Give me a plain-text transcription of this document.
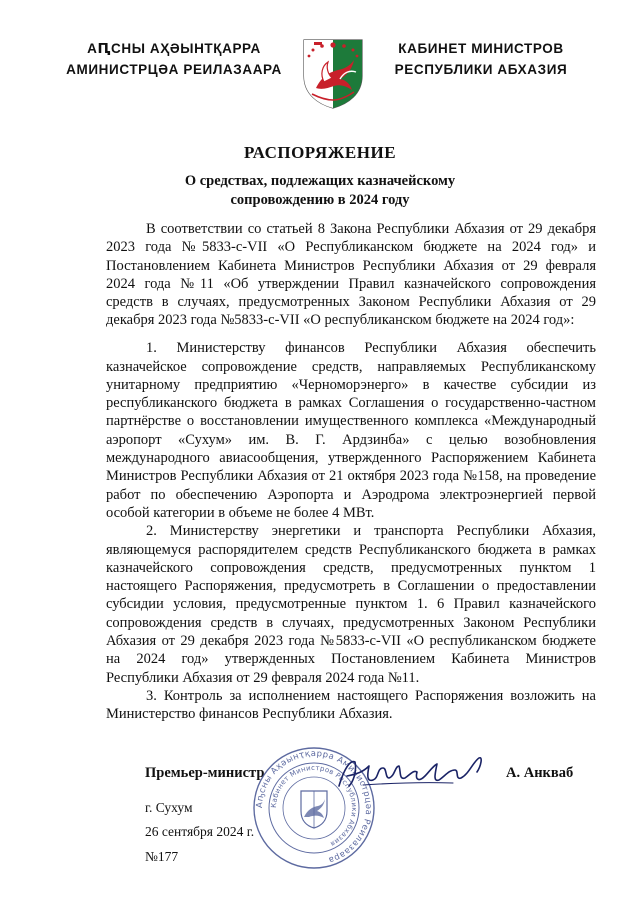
АԤСНЫ АҲӘЫНТҚАРРА
АМИНИСТРЦӘА РЕИЛАЗААРА
КАБИНЕТ МИНИСТРОВ
РЕСПУБЛИКИ АБХАЗИЯ
РАСПОРЯЖЕНИЕ
О средствах, подлежащих казначейскому
сопровождению в 2024 году

В соответствии со статьей 8 Закона Республики Абхазия от 29 декабря 2023 года №5833-с-VII «О Республиканском бюджете на 2024 год» и Постановлением Кабинета Министров Республики Абхазия от 29 февраля 2024 года №11 «Об утверждении Правил казначейского сопровождения средств в случаях, предусмотренных Законом Республики Абхазия от 29 декабря 2023 года №5833-с-VII «О республиканском бюджете на 2024 год»:

1. Министерству финансов Республики Абхазия обеспечить казначейское сопровождение средств, направляемых Республиканскому унитарному предприятию «Черноморэнерго» в качестве субсидии из республиканского бюджета в рамках Соглашения о государственно-частном партнёрстве о восстановлении имущественного комплекса «Международный аэропорт «Сухум» им. В. Г. Ардзинба» с целью возобновления международного авиасообщения, утвержденного Распоряжением Кабинета Министров Республики Абхазия от 21 октября 2023 года №158, на проведение работ по обеспечению Аэропорта и Аэродрома электроэнергией первой особой категории в объеме не более 4 МВт.

2. Министерству энергетики и транспорта Республики Абхазия, являющемуся распорядителем средств Республиканского бюджета в рамках казначейского сопровождения средств, предусмотренных пунктом 1 настоящего Распоряжения, предусмотреть в Соглашении о предоставлении субсидии условия, предусмотренные пунктом 1. 6 Правил казначейского сопровождения средств в случаях, предусмотренных Законом Республики Абхазия от 29 декабря 2023 года №5833-с-VII «О республиканском бюджете на 2024 год» утвержденных Постановлением Кабинета Министров Республики Абхазия от 29 февраля 2024 года №11.

3. Контроль за исполнением настоящего Распоряжения возложить на Министерство финансов Республики Абхазия.

Премьер-министр	А. Анкваб
г. Сухум
26 сентября 2024 г.
№177
Аҧсны Аҳәынҭқарра Аминистрцәа Реилазаара
Кабинет Министров Республики Абхазия
